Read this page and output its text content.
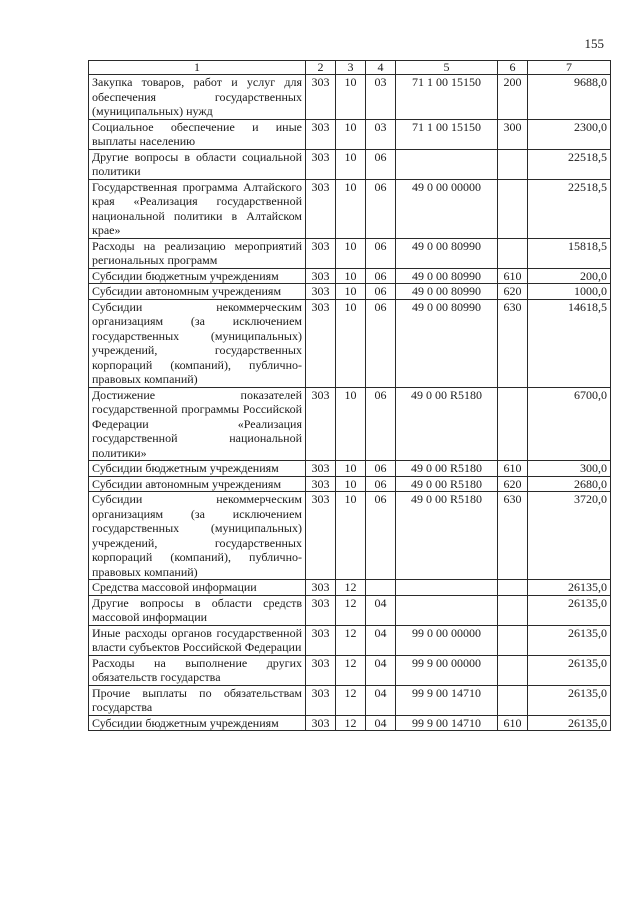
155
1	2	3	4	5	6	7
Закупка товаров, работ и услуг для обеспечения государственных (муниципальных) нужд	303	10	03	71 1 00 15150	200	9688,0
Социальное обеспечение и иные выплаты населению	303	10	03	71 1 00 15150	300	2300,0
Другие вопросы в области социальной политики	303	10	06			22518,5
Государственная программа Алтайского края «Реализация государственной национальной политики в Алтайском крае»	303	10	06	49 0 00 00000		22518,5
Расходы на реализацию мероприятий региональных программ	303	10	06	49 0 00 80990		15818,5
Субсидии бюджетным учреждениям	303	10	06	49 0 00 80990	610	200,0
Субсидии автономным учреждениям	303	10	06	49 0 00 80990	620	1000,0
Субсидии некоммерческим организациям (за исключением государственных (муниципальных) учреждений, государственных корпораций (компаний), публично-правовых компаний)	303	10	06	49 0 00 80990	630	14618,5
Достижение показателей государственной программы Российской Федерации «Реализация государственной национальной политики»	303	10	06	49 0 00 R5180		6700,0
Субсидии бюджетным учреждениям	303	10	06	49 0 00 R5180	610	300,0
Субсидии автономным учреждениям	303	10	06	49 0 00 R5180	620	2680,0
Субсидии некоммерческим организациям (за исключением государственных (муниципальных) учреждений, государственных корпораций (компаний), публично-правовых компаний)	303	10	06	49 0 00 R5180	630	3720,0
Средства массовой информации	303	12				26135,0
Другие вопросы в области средств массовой информации	303	12	04			26135,0
Иные расходы органов государственной власти субъектов Российской Федерации	303	12	04	99 0 00 00000		26135,0
Расходы на выполнение других обязательств государства	303	12	04	99 9 00 00000		26135,0
Прочие выплаты по обязательствам государства	303	12	04	99 9 00 14710		26135,0
Субсидии бюджетным учреждениям	303	12	04	99 9 00 14710	610	26135,0
